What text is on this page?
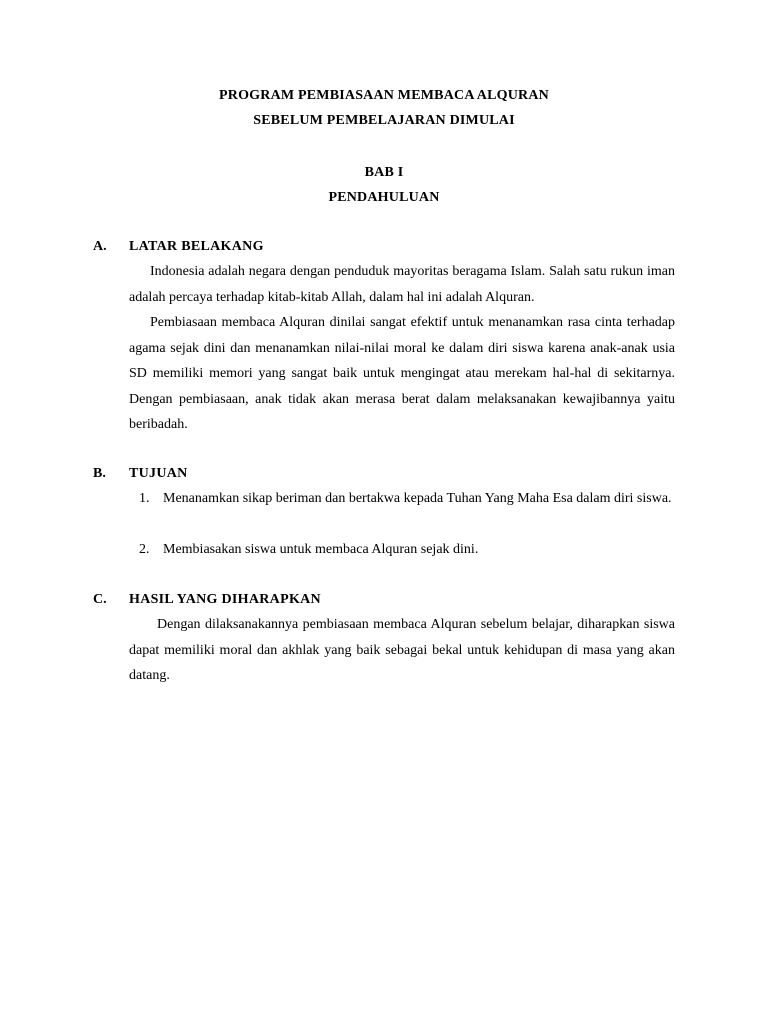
PROGRAM PEMBIASAAN MEMBACA ALQURAN
SEBELUM PEMBELAJARAN DIMULAI
BAB I
PENDAHULUAN
A. LATAR BELAKANG

Indonesia adalah negara dengan penduduk mayoritas beragama Islam. Salah satu rukun iman adalah percaya terhadap kitab-kitab Allah, dalam hal ini adalah Alquran.

Pembiasaan membaca Alquran dinilai sangat efektif untuk menanamkan rasa cinta terhadap agama sejak dini dan menanamkan nilai-nilai moral ke dalam diri siswa karena anak-anak usia SD memiliki memori yang sangat baik untuk mengingat atau merekam hal-hal di sekitarnya. Dengan pembiasaan, anak tidak akan merasa berat dalam melaksanakan kewajibannya yaitu beribadah.

B. TUJUAN
1. Menanamkan sikap beriman dan bertakwa kepada Tuhan Yang Maha Esa dalam diri siswa.
2. Membiasakan siswa untuk membaca Alquran sejak dini.
C. HASIL YANG DIHARAPKAN

Dengan dilaksanakannya pembiasaan membaca Alquran sebelum belajar, diharapkan siswa dapat memiliki moral dan akhlak yang baik sebagai bekal untuk kehidupan di masa yang akan datang.
